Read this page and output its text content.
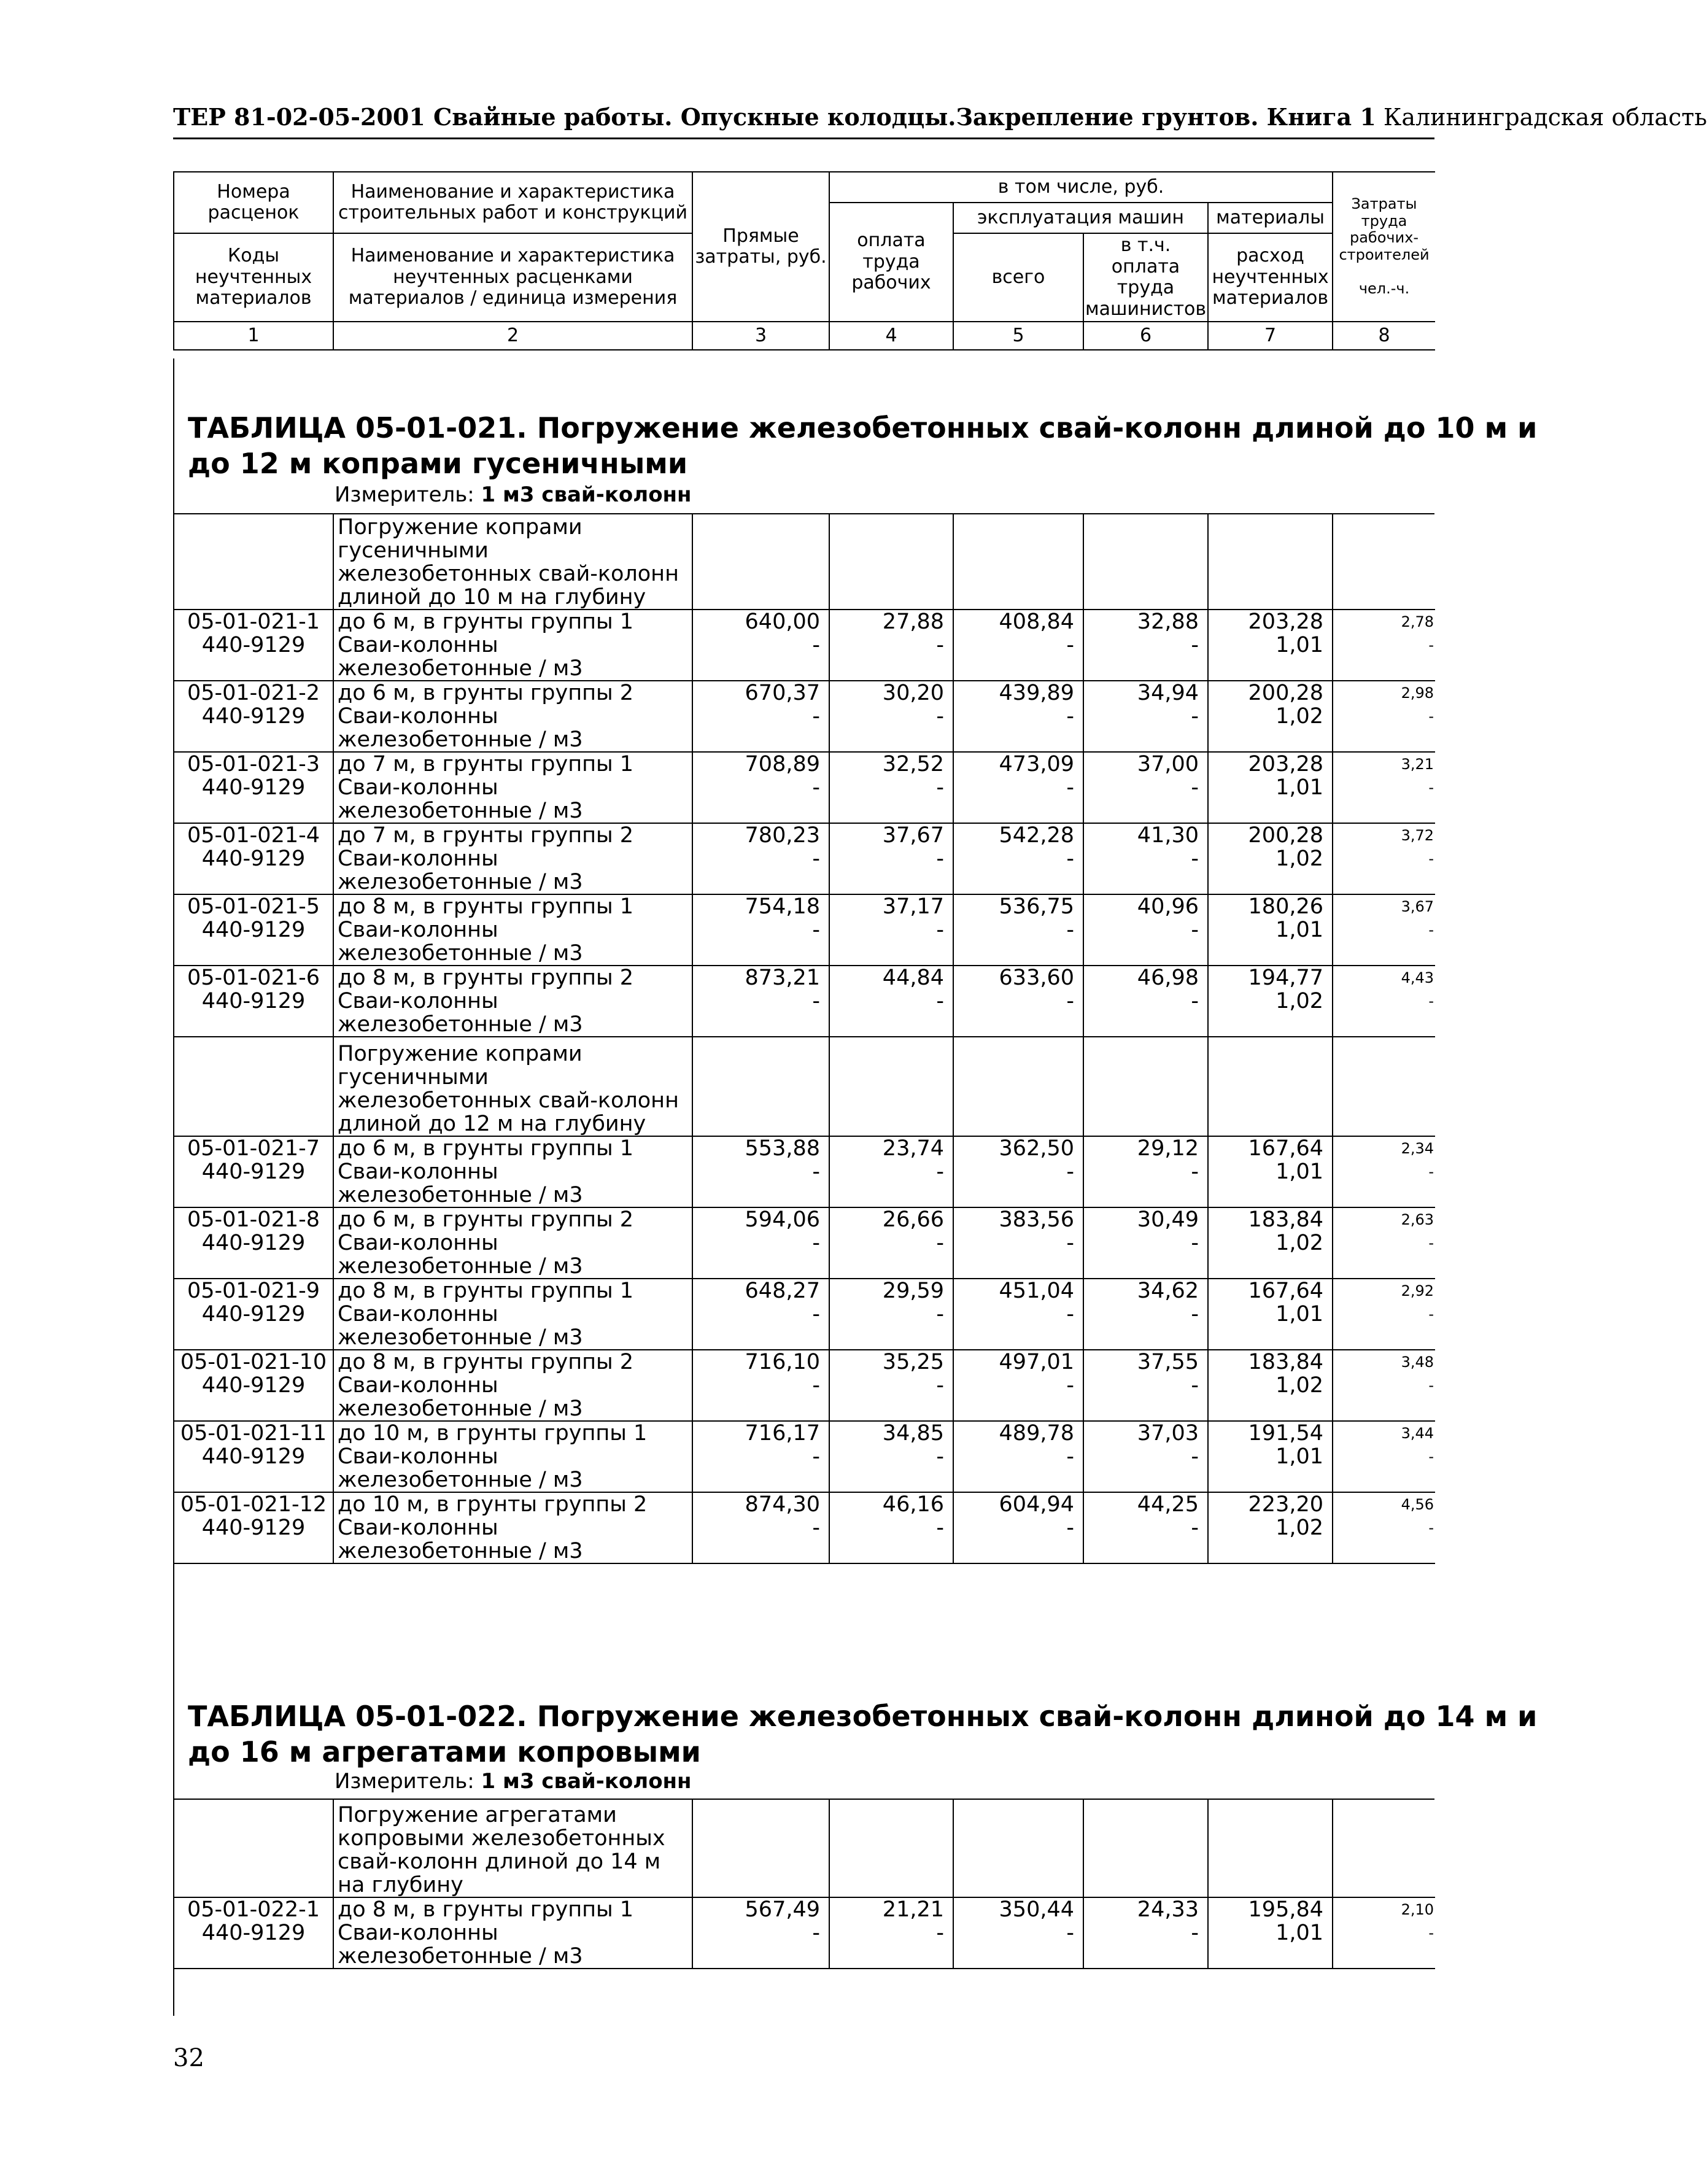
ТЕР 81-02-05-2001 Свайные работы. Опускные колодцы.Закрепление грунтов. Книга 1 Калининградская область
Номера расценок	Наименование и характеристика строительных работ и конструкций	Прямые затраты, руб.	в том числе, руб.				Затраты труда рабочих-строителей

чел.-ч.
			оплата труда рабочих	эксплуатация машин		материалы	
Коды неучтенных материалов	Наименование и характеристика неучтенных расценками материалов / единица измерения			всего	в т.ч. оплата труда машинистов	расход неучтенных материалов	

1	2	3	4	5	6	7	8
ТАБЛИЦА 05-01-021. Погружение железобетонных свай-колонн длиной до 10 м и
до 12 м копрами гусеничными
Измеритель: 1 м3 свай-колонн
	Погружение копрами гусеничными железобетонных свай-колонн длиной до 10 м на глубину						
05-01-021-1	до 6 м, в грунты группы 1	640,00	27,88	408,84	32,88	203,28	2,78
440-9129	Сваи-колонны железобетонные / м3	-	-	-	-	1,01	-
05-01-021-2	до 6 м, в грунты группы 2	670,37	30,20	439,89	34,94	200,28	2,98
440-9129	Сваи-колонны железобетонные / м3	-	-	-	-	1,02	-
05-01-021-3	до 7 м, в грунты группы 1	708,89	32,52	473,09	37,00	203,28	3,21
440-9129	Сваи-колонны железобетонные / м3	-	-	-	-	1,01	-
05-01-021-4	до 7 м, в грунты группы 2	780,23	37,67	542,28	41,30	200,28	3,72
440-9129	Сваи-колонны железобетонные / м3	-	-	-	-	1,02	-
05-01-021-5	до 8 м, в грунты группы 1	754,18	37,17	536,75	40,96	180,26	3,67
440-9129	Сваи-колонны железобетонные / м3	-	-	-	-	1,01	-
05-01-021-6	до 8 м, в грунты группы 2	873,21	44,84	633,60	46,98	194,77	4,43
440-9129	Сваи-колонны железобетонные / м3	-	-	-	-	1,02	-
	Погружение копрами гусеничными железобетонных свай-колонн длиной до 12 м на глубину						
05-01-021-7	до 6 м, в грунты группы 1	553,88	23,74	362,50	29,12	167,64	2,34
440-9129	Сваи-колонны железобетонные / м3	-	-	-	-	1,01	-
05-01-021-8	до 6 м, в грунты группы 2	594,06	26,66	383,56	30,49	183,84	2,63
440-9129	Сваи-колонны железобетонные / м3	-	-	-	-	1,02	-
05-01-021-9	до 8 м, в грунты группы 1	648,27	29,59	451,04	34,62	167,64	2,92
440-9129	Сваи-колонны железобетонные / м3	-	-	-	-	1,01	-
05-01-021-10	до 8 м, в грунты группы 2	716,10	35,25	497,01	37,55	183,84	3,48
440-9129	Сваи-колонны железобетонные / м3	-	-	-	-	1,02	-
05-01-021-11	до 10 м, в грунты группы 1	716,17	34,85	489,78	37,03	191,54	3,44
440-9129	Сваи-колонны железобетонные / м3	-	-	-	-	1,01	-
05-01-021-12	до 10 м, в грунты группы 2	874,30	46,16	604,94	44,25	223,20	4,56
440-9129	Сваи-колонны железобетонные / м3	-	-	-	-	1,02	-
ТАБЛИЦА 05-01-022. Погружение железобетонных свай-колонн длиной до 14 м и
до 16 м агрегатами копровыми
Измеритель: 1 м3 свай-колонн
	Погружение агрегатами копровыми железобетонных свай-колонн длиной до 14 м на глубину						
05-01-022-1	до 8 м, в грунты группы 1	567,49	21,21	350,44	24,33	195,84	2,10
440-9129	Сваи-колонны железобетонные / м3	-	-	-	-	1,01	-
32
